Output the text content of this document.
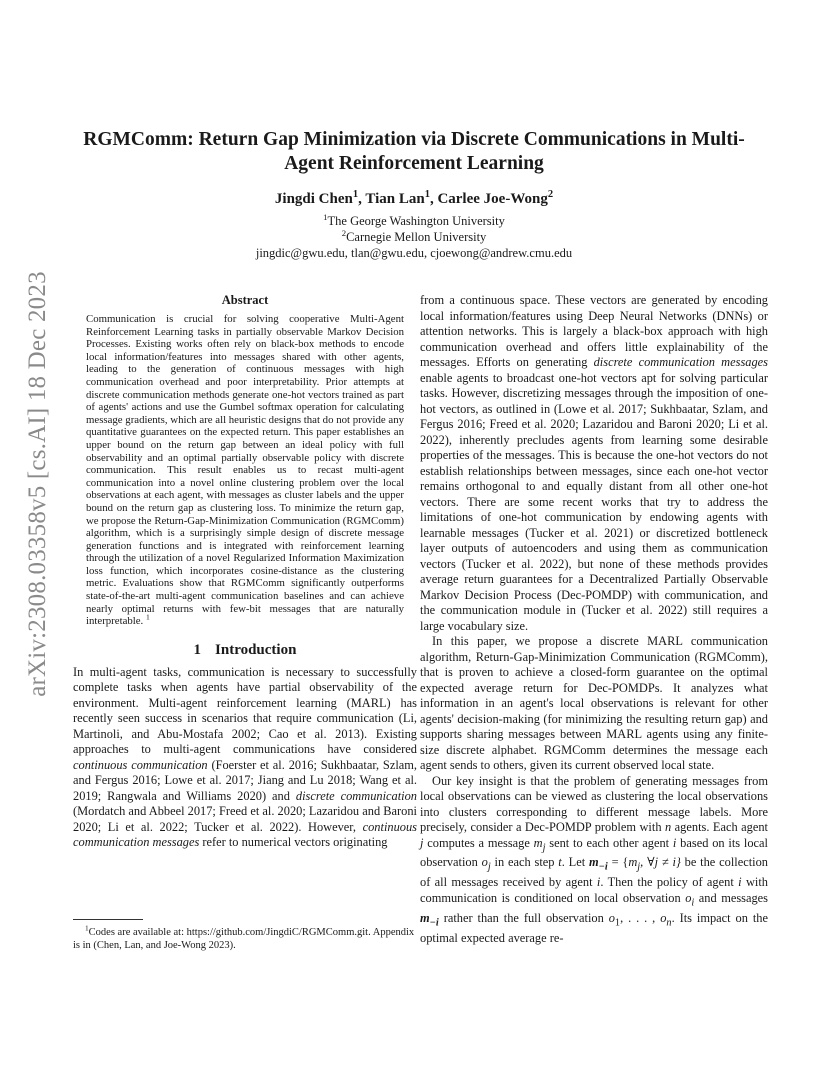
arXiv:2308.03358v5 [cs.AI] 18 Dec 2023
RGMComm: Return Gap Minimization via Discrete Communications in Multi-Agent Reinforcement Learning
Jingdi Chen$^1$, Tian Lan$^1$, Carlee Joe-Wong$^2$
$^1$The George Washington University
$^2$Carnegie Mellon University
jingdic@gwu.edu, tlan@gwu.edu, cjoewong@andrew.cmu.edu
Abstract

Communication is crucial for solving cooperative Multi-Agent Reinforcement Learning tasks in partially observable Markov Decision Processes. Existing works often rely on black-box methods to encode local information/features into messages shared with other agents, leading to the generation of continuous messages with high communication overhead and poor interpretability. Prior attempts at discrete communication methods generate one-hot vectors trained as part of agents' actions and use the Gumbel softmax operation for calculating message gradients, which are all heuristic designs that do not provide any quantitative guarantees on the expected return. This paper establishes an upper bound on the return gap between an ideal policy with full observability and an optimal partially observable policy with discrete communication. This result enables us to recast multi-agent communication into a novel online clustering problem over the local observations at each agent, with messages as cluster labels and the upper bound on the return gap as clustering loss. To minimize the return gap, we propose the Return-Gap-Minimization Communication (RGMComm) algorithm, which is a surprisingly simple design of discrete message generation functions and is integrated with reinforcement learning through the utilization of a novel Regularized Information Maximization loss function, which incorporates cosine-distance as the clustering metric. Evaluations show that RGMComm significantly outperforms state-of-the-art multi-agent communication baselines and can achieve nearly optimal returns with few-bit messages that are naturally interpretable. $^1$

1 Introduction

In multi-agent tasks, communication is necessary to successfully complete tasks when agents have partial observability of the environment. Multi-agent reinforcement learning (MARL) has recently seen success in scenarios that require communication (Li, Martinoli, and Abu-Mostafa 2002; Cao et al. 2013). Existing approaches to multi-agent communications have considered continuous communication (Foerster et al. 2016; Sukhbaatar, Szlam, and Fergus 2016; Lowe et al. 2017; Jiang and Lu 2018; Wang et al. 2019; Rangwala and Williams 2020) and discrete communication (Mordatch and Abbeel 2017; Freed et al. 2020; Lazaridou and Baroni 2020; Li et al. 2022; Tucker et al. 2022). However, continuous communication messages refer to numerical vectors originating

$^1$Codes are available at: https://github.com/JingdiC/RGMComm.git. Appendix is in (Chen, Lan, and Joe-Wong 2023).

from a continuous space. These vectors are generated by encoding local information/features using Deep Neural Networks (DNNs) or attention networks. This is largely a black-box approach with high communication overhead and offers little explainability of the messages. Efforts on generating discrete communication messages enable agents to broadcast one-hot vectors apt for solving particular tasks. However, discretizing messages through the imposition of one-hot vectors, as outlined in (Lowe et al. 2017; Sukhbaatar, Szlam, and Fergus 2016; Freed et al. 2020; Lazaridou and Baroni 2020; Li et al. 2022), inherently precludes agents from learning some desirable properties of the messages. This is because the one-hot vectors do not establish relationships between messages, since each one-hot vector remains orthogonal to and equally distant from all other one-hot vectors. There are some recent works that try to address the limitations of one-hot communication by endowing agents with learnable messages (Tucker et al. 2021) or discretized bottleneck layer outputs of autoencoders and using them as communication vectors (Tucker et al. 2022), but none of these methods provides average return guarantees for a Decentralized Partially Observable Markov Decision Process (Dec-POMDP) with communication, and the communication module in (Tucker et al. 2022) still requires a large vocabulary size.

In this paper, we propose a discrete MARL communication algorithm, Return-Gap-Minimization Communication (RGMComm), that is proven to achieve a closed-form guarantee on the optimal expected average return for Dec-POMDPs. It analyzes what information in an agent's local observations is relevant for other agents' decision-making (for minimizing the resulting return gap) and supports sharing messages between MARL agents using any finite-size discrete alphabet. RGMComm determines the message each agent sends to others, given its current observed local state.

Our key insight is that the problem of generating messages from local observations can be viewed as clustering the local observations into clusters corresponding to different message labels. More precisely, consider a Dec-POMDP problem with n agents. Each agent j computes a message $m_j$ sent to each other agent i based on its local observation $o_j$ in each step t. Let $m_{-i} = \{m_j$, ∀j ≠ i} be the collection of all messages received by agent i. Then the policy of agent i with communication is conditioned on local observation $o_i$ and messages $m_{-i}$ rather than the full observation $o_1$, . . . , $o_n$. Its impact on the optimal expected average re-
